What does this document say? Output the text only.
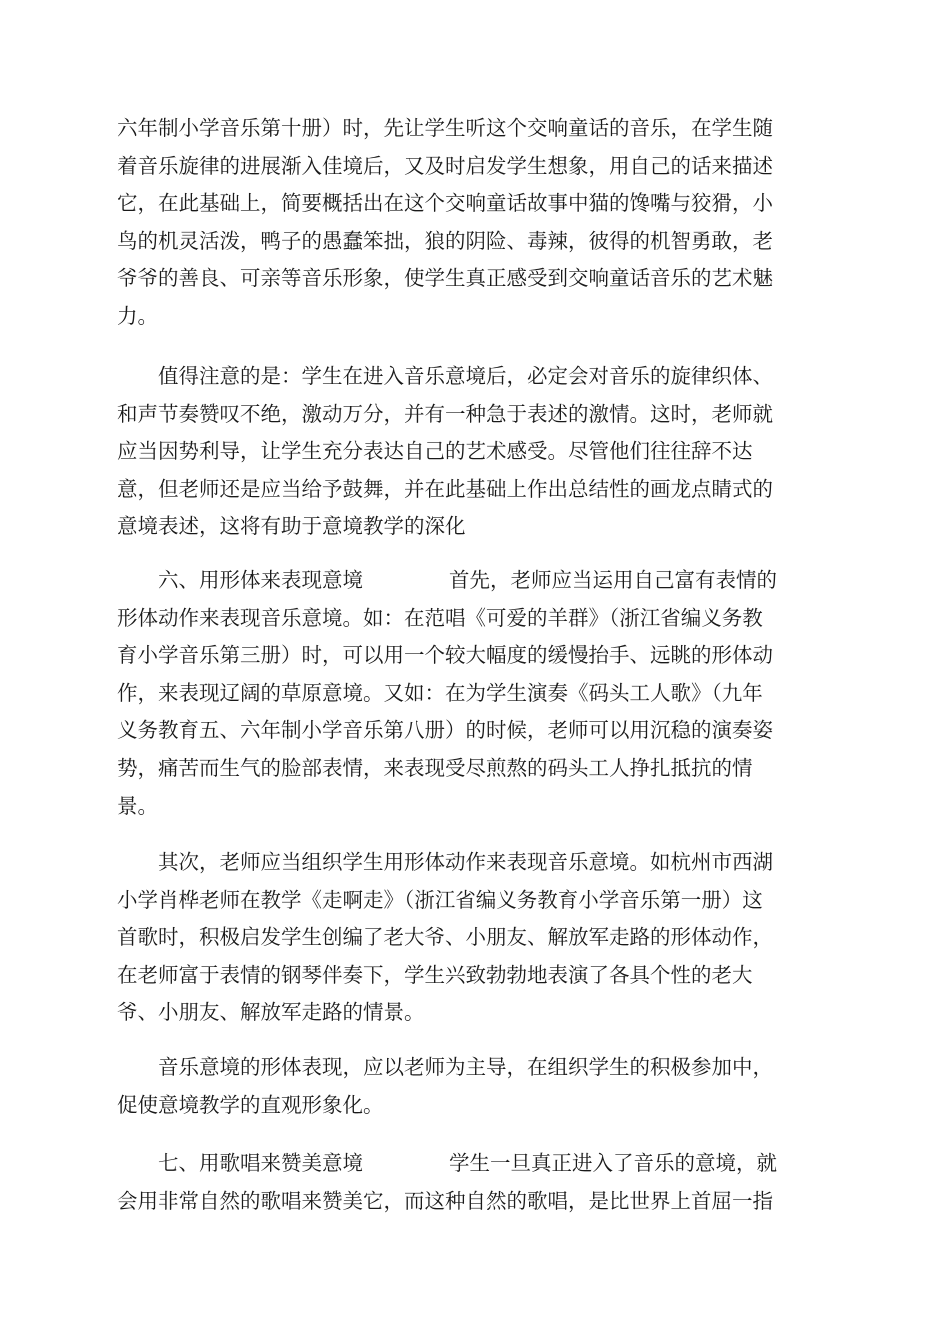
六年制小学音乐第十册）时，先让学生听这个交响童话的音乐，在学生随
着音乐旋律的进展渐入佳境后，又及时启发学生想象，用自己的话来描述
它，在此基础上，简要概括出在这个交响童话故事中猫的馋嘴与狡猾，小
鸟的机灵活泼，鸭子的愚蠢笨拙，狼的阴险、毒辣，彼得的机智勇敢，老
爷爷的善良、可亲等音乐形象，使学生真正感受到交响童话音乐的艺术魅
力。
　　值得注意的是：学生在进入音乐意境后，必定会对音乐的旋律织体、
和声节奏赞叹不绝，激动万分，并有一种急于表述的激情。这时，老师就
应当因势利导，让学生充分表达自己的艺术感受。尽管他们往往辞不达
意，但老师还是应当给予鼓舞，并在此基础上作出总结性的画龙点睛式的
意境表述，这将有助于意境教学的深化
　　六、用形体来表现意境	首先，老师应当运用自己富有表情的
形体动作来表现音乐意境。如：在范唱《可爱的羊群》（浙江省编义务教
育小学音乐第三册）时，可以用一个较大幅度的缓慢抬手、远眺的形体动
作，来表现辽阔的草原意境。又如：在为学生演奏《码头工人歌》（九年
义务教育五、六年制小学音乐第八册）的时候，老师可以用沉稳的演奏姿
势，痛苦而生气的脸部表情，来表现受尽煎熬的码头工人挣扎抵抗的情
景。
　　其次，老师应当组织学生用形体动作来表现音乐意境。如杭州市西湖
小学肖桦老师在教学《走啊走》（浙江省编义务教育小学音乐第一册）这
首歌时，积极启发学生创编了老大爷、小朋友、解放军走路的形体动作，
在老师富于表情的钢琴伴奏下，学生兴致勃勃地表演了各具个性的老大
爷、小朋友、解放军走路的情景。
　　音乐意境的形体表现，应以老师为主导，在组织学生的积极参加中，
促使意境教学的直观形象化。
　　七、用歌唱来赞美意境	学生一旦真正进入了音乐的意境，就
会用非常自然的歌唱来赞美它，而这种自然的歌唱，是比世界上首屈一指
